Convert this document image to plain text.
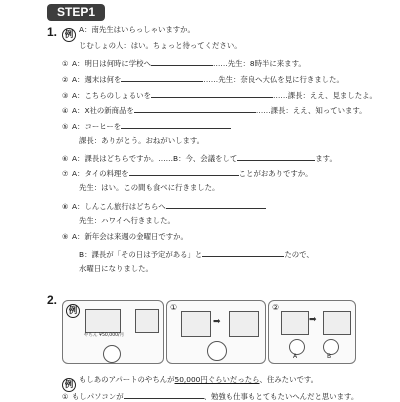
STEP1
1. 例
A：南先生はいらっしゃいますか。
じむしょの人：はい。ちょっと待ってください。
① A：明日は何時に学校へ	……先生：8時半に来ます。
② A：週末は何を	……先生：奈良へ大仏を見に行きました。
③ A：こちらのしょるいを	……課長：ええ、見ましたよ。
④ A：X社の新商品を	……課長：ええ、知っています。
⑤ A：コーヒーを
課長：ありがとう。おねがいします。
⑥ A：課長はどちらですか。……B：今、会議をして	ます。
⑦ A：タイの料理を	ことがおありですか。
先生：はい。この間も食べに行きました。
⑧ A：しんこん旅行はどちらへ
先生：ハワイへ行きました。
⑨ A：新年会は来週の金曜日ですか。
B：課長が「その日は予定がある」と	たので、
水曜日になりました。
2.
例
やちん ¥50,000/月
①
➡
②
➡
A	B
例
もしあのアパートのやちんが50,000円ぐらいだったら、住みたいです。
① もしパソコンが	、勉強も仕事もとてもたいへんだと思います。
